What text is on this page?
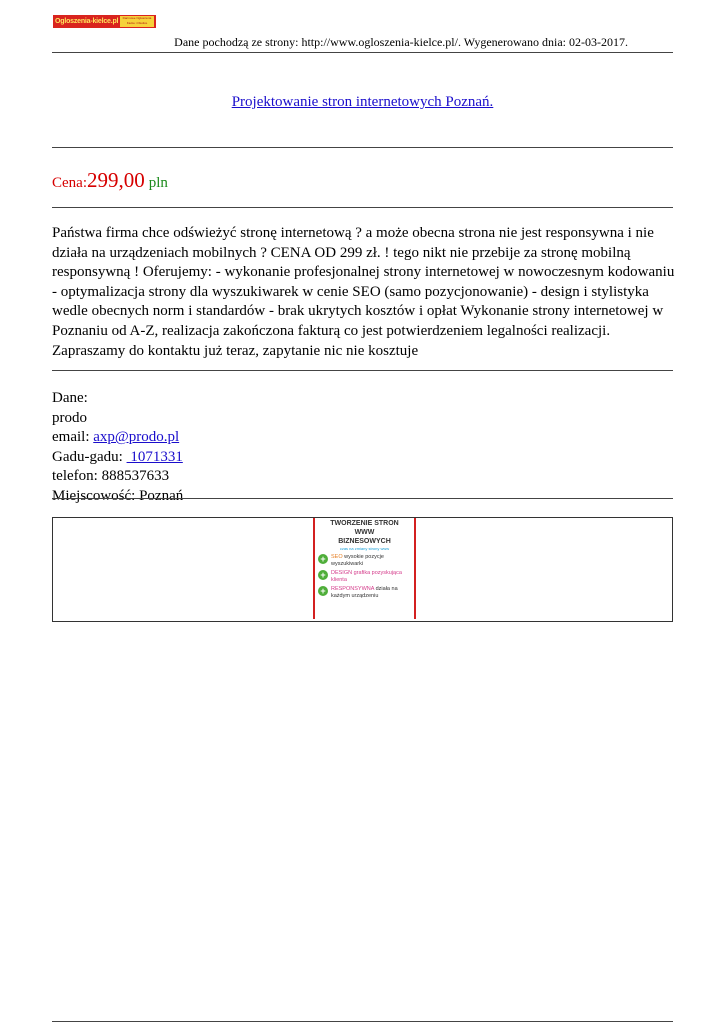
Ogloszenia-kielce.pl	Darmowe Ogłoszenia Kielce i Okolice
Dane pochodzą ze strony: http://www.ogloszenia-kielce.pl/. Wygenerowano dnia: 02-03-2017.
Projektowanie stron internetowych Poznań.
Cena:299,00 pln

Państwa firma chce odświeżyć stronę internetową ? a może obecna strona nie jest responsywna i nie działa na urządzeniach mobilnych ? CENA OD 299 zł. ! tego nikt nie przebije za stronę mobilną responsywną ! Oferujemy: - wykonanie profesjonalnej strony internetowej w nowoczesnym kodowaniu - optymalizacja strony dla wyszukiwarek w cenie SEO (samo pozycjonowanie) - design i stylistyka wedle obecnych norm i standardów - brak ukrytych kosztów i opłat Wykonanie strony internetowej w Poznaniu od A-Z, realizacja zakończona fakturą co jest potwierdzeniem legalności realizacji. Zapraszamy do kontaktu już teraz, zapytanie nic nie kosztuje

Dane:
prodo
email: axp@prodo.pl
Gadu-gadu:  1071331
telefon: 888537633
Miejscowość: Poznań
TWORZENIE STRON
WWW
BIZNESOWYCH
czas na zmiany strony www
+ SEO wysokie pozycje wyszukiwarki
+ DESIGN grafika pozyskująca klienta
+ RESPONSYWNA działa na każdym urządzeniu
